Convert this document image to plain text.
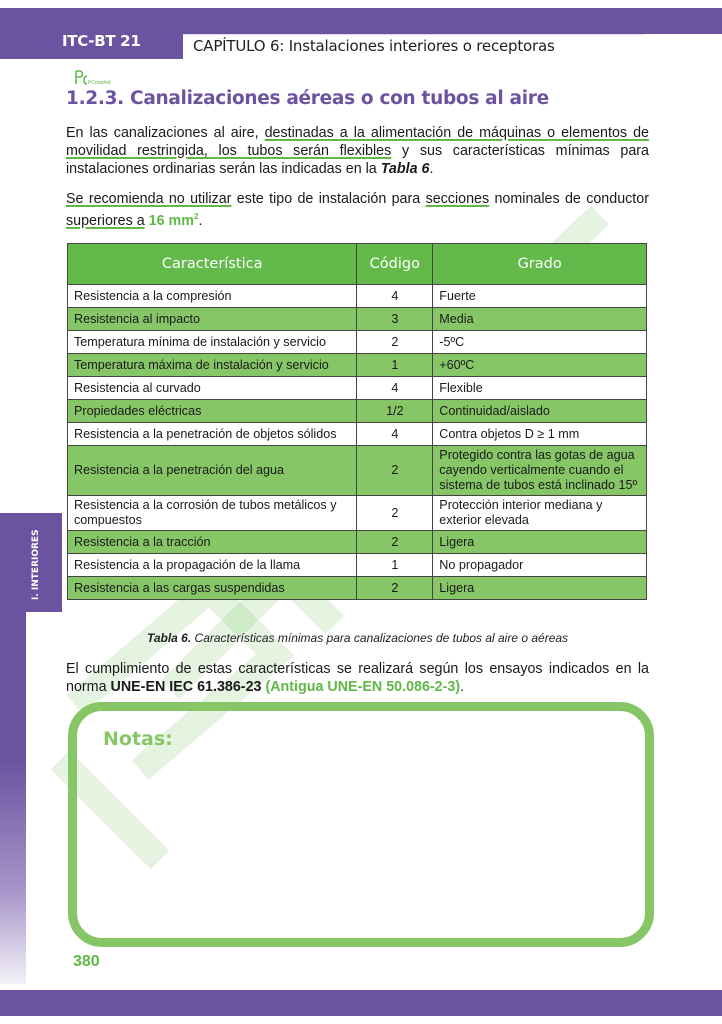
ITC-BT 21	CAPÍTULO 6: Instalaciones interiores o receptoras
PCmadrid
1.2.3. Canalizaciones aéreas o con tubos al aire

En las canalizaciones al aire, destinadas a la alimentación de máquinas o elementos de movilidad restringida, los tubos serán flexibles y sus características mínimas para instalaciones ordinarias serán las indicadas en la Tabla 6.

Se recomienda no utilizar este tipo de instalación para secciones nominales de conductor superiores a 16 $mm^2$.

I. INTERIORES
Característica	Código	Grado
Resistencia a la compresión	4	Fuerte
Resistencia al impacto	3	Media
Temperatura mínima de instalación y servicio	2	-5ºC
Temperatura máxima de instalación y servicio	1	+60ºC
Resistencia al curvado	4	Flexible
Propiedades eléctricas	1/2	Continuidad/aislado
Resistencia a la penetración de objetos sólidos	4	Contra objetos D ≥ 1 mm
Resistencia a la penetración del agua	2	Protegido contra las gotas de agua cayendo verticalmente cuando el sistema de tubos está inclinado 15º
Resistencia a la corrosión de tubos metálicos y compuestos	2	Protección interior mediana y exterior elevada
Resistencia a la tracción	2	Ligera
Resistencia a la propagación de la llama	1	No propagador
Resistencia a las cargas suspendidas	2	Ligera
Tabla 6. Características mínimas para canalizaciones de tubos al aire o aéreas

El cumplimiento de estas características se realizará según los ensayos indicados en la norma UNE-EN IEC 61.386-23 (Antigua UNE-EN 50.086-2-3).

Notas:
380
